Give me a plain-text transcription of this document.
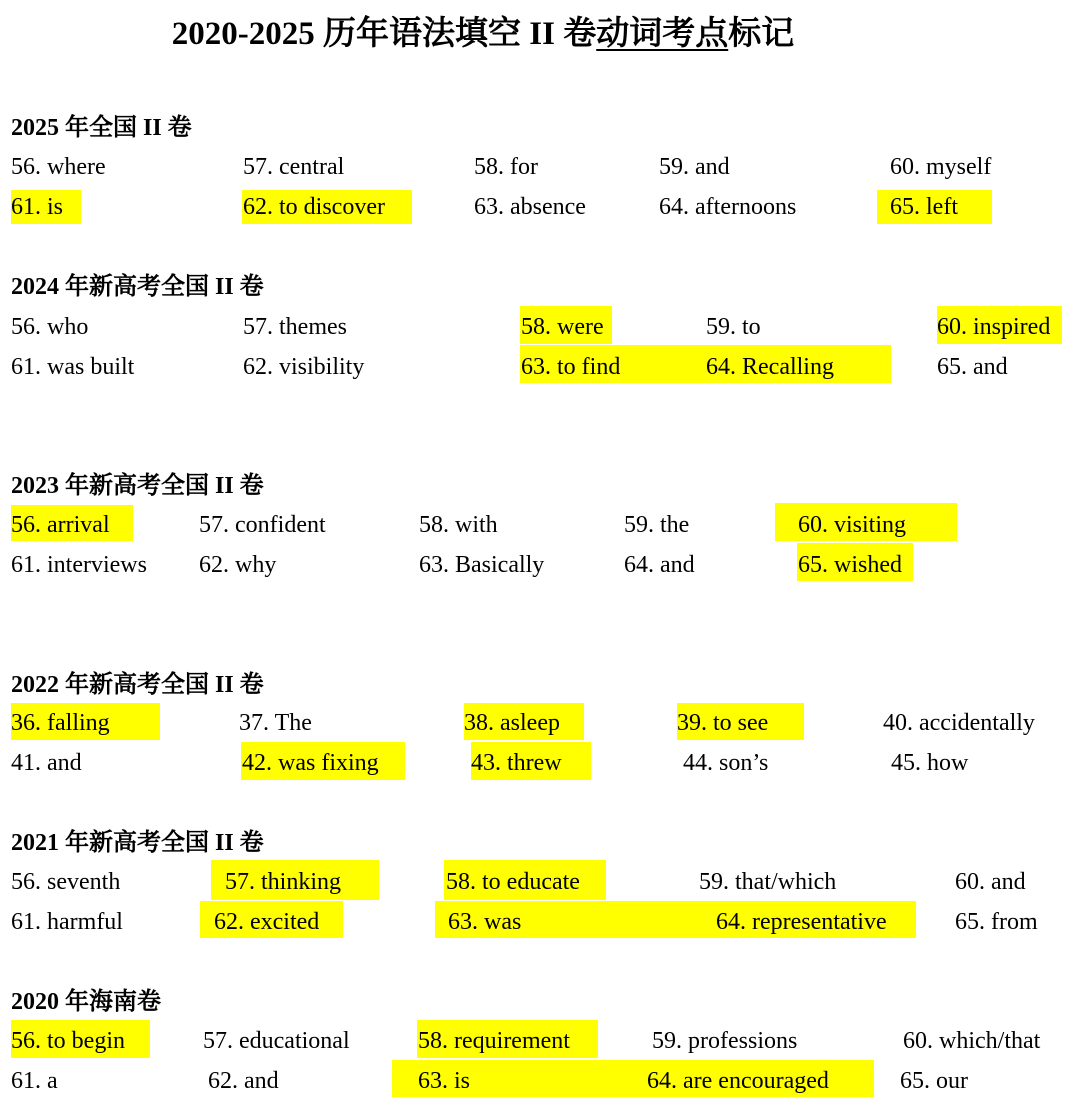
2020-2025 历年语法填空 II 卷动词考点标记
2025 年全国 II 卷
56. where	57. central	58. for	59. and	60. myself
61. is	62. to discover	63. absence	64. afternoons	65. left
2024 年新高考全国 II 卷
56. who	57. themes	58. were	59. to	60. inspired
61. was built	62. visibility	63. to find	64. Recalling	65. and
2023 年新高考全国 II 卷
56. arrival	57. confident	58. with	59. the	60. visiting
61. interviews 62. why	63. Basically	64. and	65. wished
2022 年新高考全国 II 卷
36. falling	37. The	38. asleep	39. to see	40. accidentally
41. and	42. was fixing	43. threw	44. son’s	45. how
2021 年新高考全国 II 卷
56. seventh	57. thinking	58. to educate	59. that/which	60. and
61. harmful	62. excited	63. was	64. representative	65. from
2020 年海南卷
56. to begin	57. educational	58. requirement	59. professions	60. which/that
61. a	62. and	63. is	64. are encouraged	65. our
